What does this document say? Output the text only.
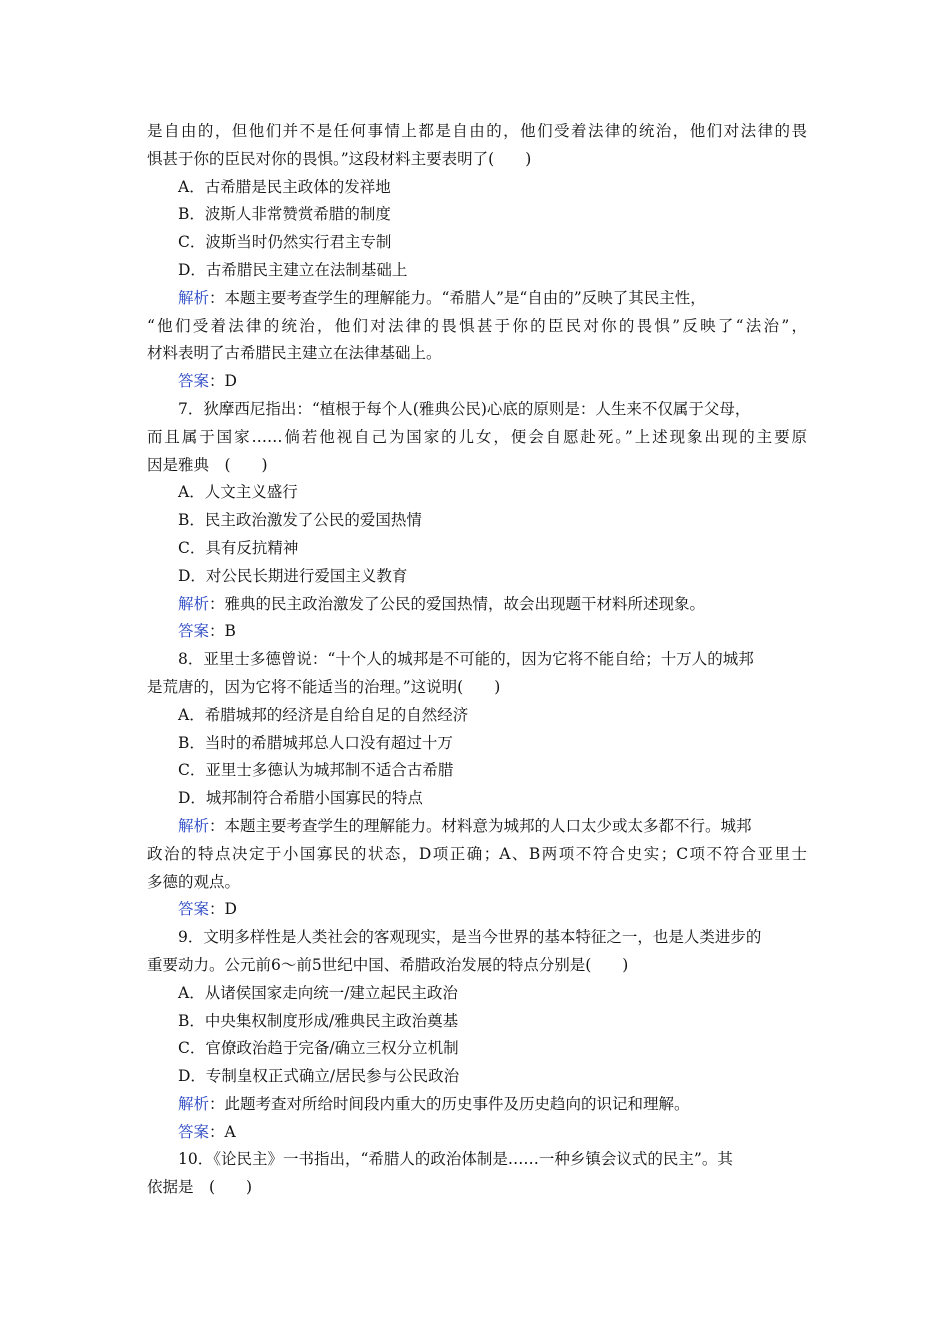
是自由的，但他们并不是任何事情上都是自由的，他们受着法律的统治，他们对法律的畏
惧甚于你的臣民对你的畏惧。”这段材料主要表明了(　　)
A．古希腊是民主政体的发祥地
B．波斯人非常赞赏希腊的制度
C．波斯当时仍然实行君主专制
D．古希腊民主建立在法制基础上
解析：本题主要考查学生的理解能力。“希腊人”是“自由的”反映了其民主性，
“他们受着法律的统治，他们对法律的畏惧甚于你的臣民对你的畏惧”反映了“法治”，
材料表明了古希腊民主建立在法律基础上。
答案：D
7．狄摩西尼指出：“植根于每个人(雅典公民)心底的原则是：人生来不仅属于父母，
而且属于国家……倘若他视自己为国家的儿女，便会自愿赴死。”上述现象出现的主要原
因是雅典　(　　)
A．人文主义盛行
B．民主政治激发了公民的爱国热情
C．具有反抗精神
D．对公民长期进行爱国主义教育
解析：雅典的民主政治激发了公民的爱国热情，故会出现题干材料所述现象。
答案：B
8．亚里士多德曾说：“十个人的城邦是不可能的，因为它将不能自给；十万人的城邦
是荒唐的，因为它将不能适当的治理。”这说明(　　)
A．希腊城邦的经济是自给自足的自然经济
B．当时的希腊城邦总人口没有超过十万
C．亚里士多德认为城邦制不适合古希腊
D．城邦制符合希腊小国寡民的特点
解析：本题主要考查学生的理解能力。材料意为城邦的人口太少或太多都不行。城邦
政治的特点决定于小国寡民的状态，D项正确；A、B两项不符合史实；C项不符合亚里士
多德的观点。
答案：D
9．文明多样性是人类社会的客观现实，是当今世界的基本特征之一，也是人类进步的
重要动力。公元前6～前5世纪中国、希腊政治发展的特点分别是(　　)
A．从诸侯国家走向统一/建立起民主政治
B．中央集权制度形成/雅典民主政治奠基
C．官僚政治趋于完备/确立三权分立机制
D．专制皇权正式确立/居民参与公民政治
解析：此题考查对所给时间段内重大的历史事件及历史趋向的识记和理解。
答案：A
10．《论民主》一书指出，“希腊人的政治体制是……一种乡镇会议式的民主”。其
依据是　(　　)
